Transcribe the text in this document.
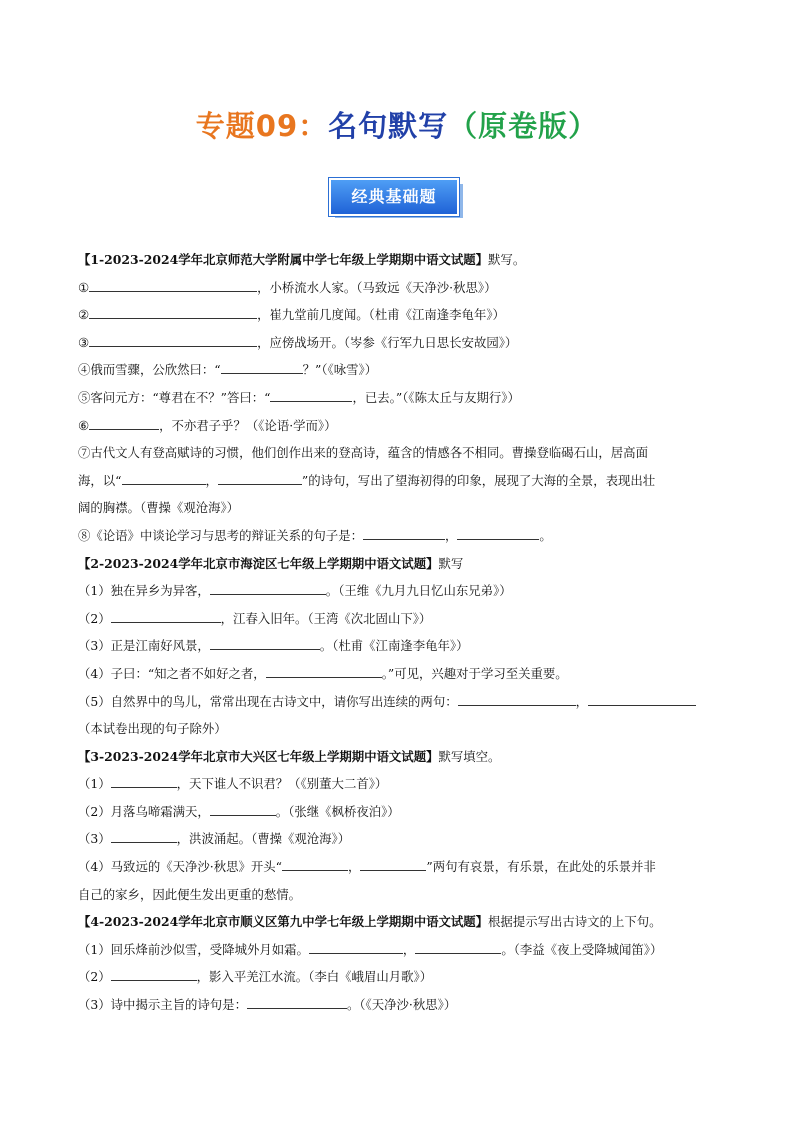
专题09：名句默写（原卷版）
经典基础题
【1-2023-2024学年北京师范大学附属中学七年级上学期期中语文试题】默写。
①	，小桥流水人家。（马致远《天净沙·秋思》）
②	，崔九堂前几度闻。（杜甫《江南逢李龟年》）
③	，应傍战场开。（岑参《行军九日思长安故园》）
④俄而雪骤，公欣然曰：“	？”（《咏雪》）
⑤客问元方：“尊君在不？”答曰：“	，已去。”（《陈太丘与友期行》）
⑥	，不亦君子乎？（《论语·学而》）
⑦古代文人有登高赋诗的习惯，他们创作出来的登高诗，蕴含的情感各不相同。曹操登临碣石山，居高面
海，以“	，	”的诗句，写出了望海初得的印象，展现了大海的全景，表现出壮
阔的胸襟。（曹操《观沧海》）
⑧《论语》中谈论学习与思考的辩证关系的句子是：	，	。
【2-2023-2024学年北京市海淀区七年级上学期期中语文试题】默写
（1）独在异乡为异客，	。（王维《九月九日忆山东兄弟》）
（2）	，江春入旧年。（王湾《次北固山下》）
（3）正是江南好风景，	。（杜甫《江南逢李龟年》）
（4）子曰：“知之者不如好之者，	。”可见，兴趣对于学习至关重要。
（5）自然界中的鸟儿，常常出现在古诗文中，请你写出连续的两句：	，
（本试卷出现的句子除外）
【3-2023-2024学年北京市大兴区七年级上学期期中语文试题】默写填空。
（1）	，天下谁人不识君？（《别董大二首》）
（2）月落乌啼霜满天，	。（张继《枫桥夜泊》）
（3）	，洪波涌起。（曹操《观沧海》）
（4）马致远的《天净沙·秋思》开头“	，	”两句有哀景，有乐景，在此处的乐景并非
自己的家乡，因此便生发出更重的愁情。
【4-2023-2024学年北京市顺义区第九中学七年级上学期期中语文试题】根据提示写出古诗文的上下句。
（1）回乐烽前沙似雪，受降城外月如霜。	，	。（李益《夜上受降城闻笛》）
（2）	，影入平羌江水流。（李白《峨眉山月歌》）
（3）诗中揭示主旨的诗句是：	。（《天净沙·秋思》）
